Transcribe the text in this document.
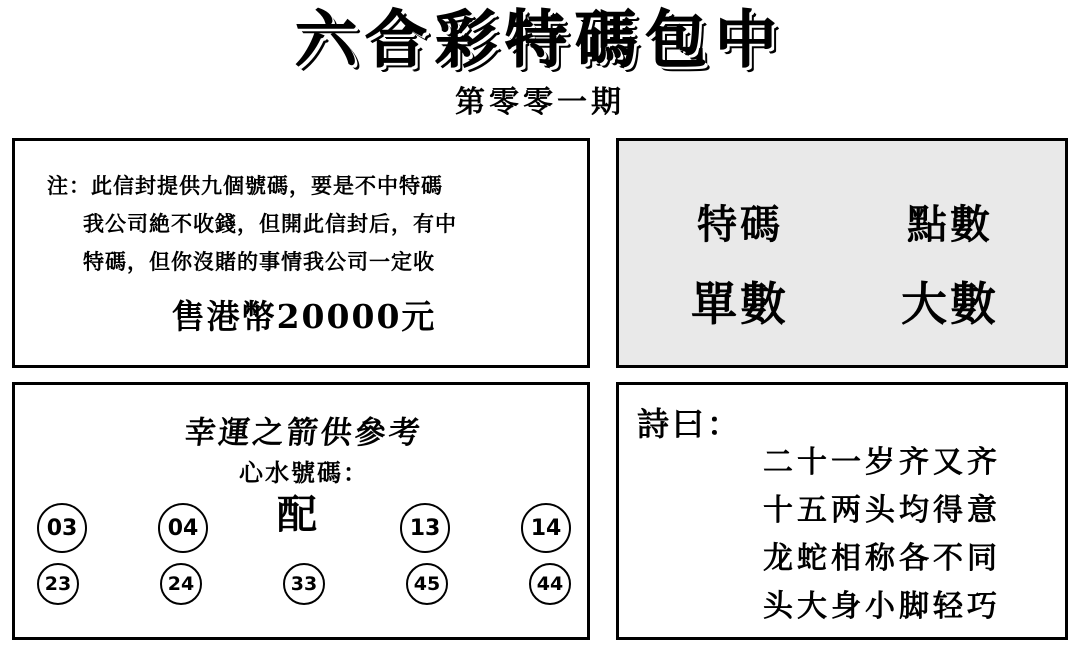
六合彩特碼包中
第零零一期
注：此信封提供九個號碼，要是不中特碼
我公司絶不收錢，但開此信封后，有中
特碼，但你沒賭的事情我公司一定收
售港幣20000元
特碼	點數
單數 大數
幸運之箭供參考
心水號碼：
配
03	04	13	14
23	24	33	45	44
詩曰：
二十一岁齐又齐
十五两头均得意
龙蛇相称各不同
头大身小脚轻巧
